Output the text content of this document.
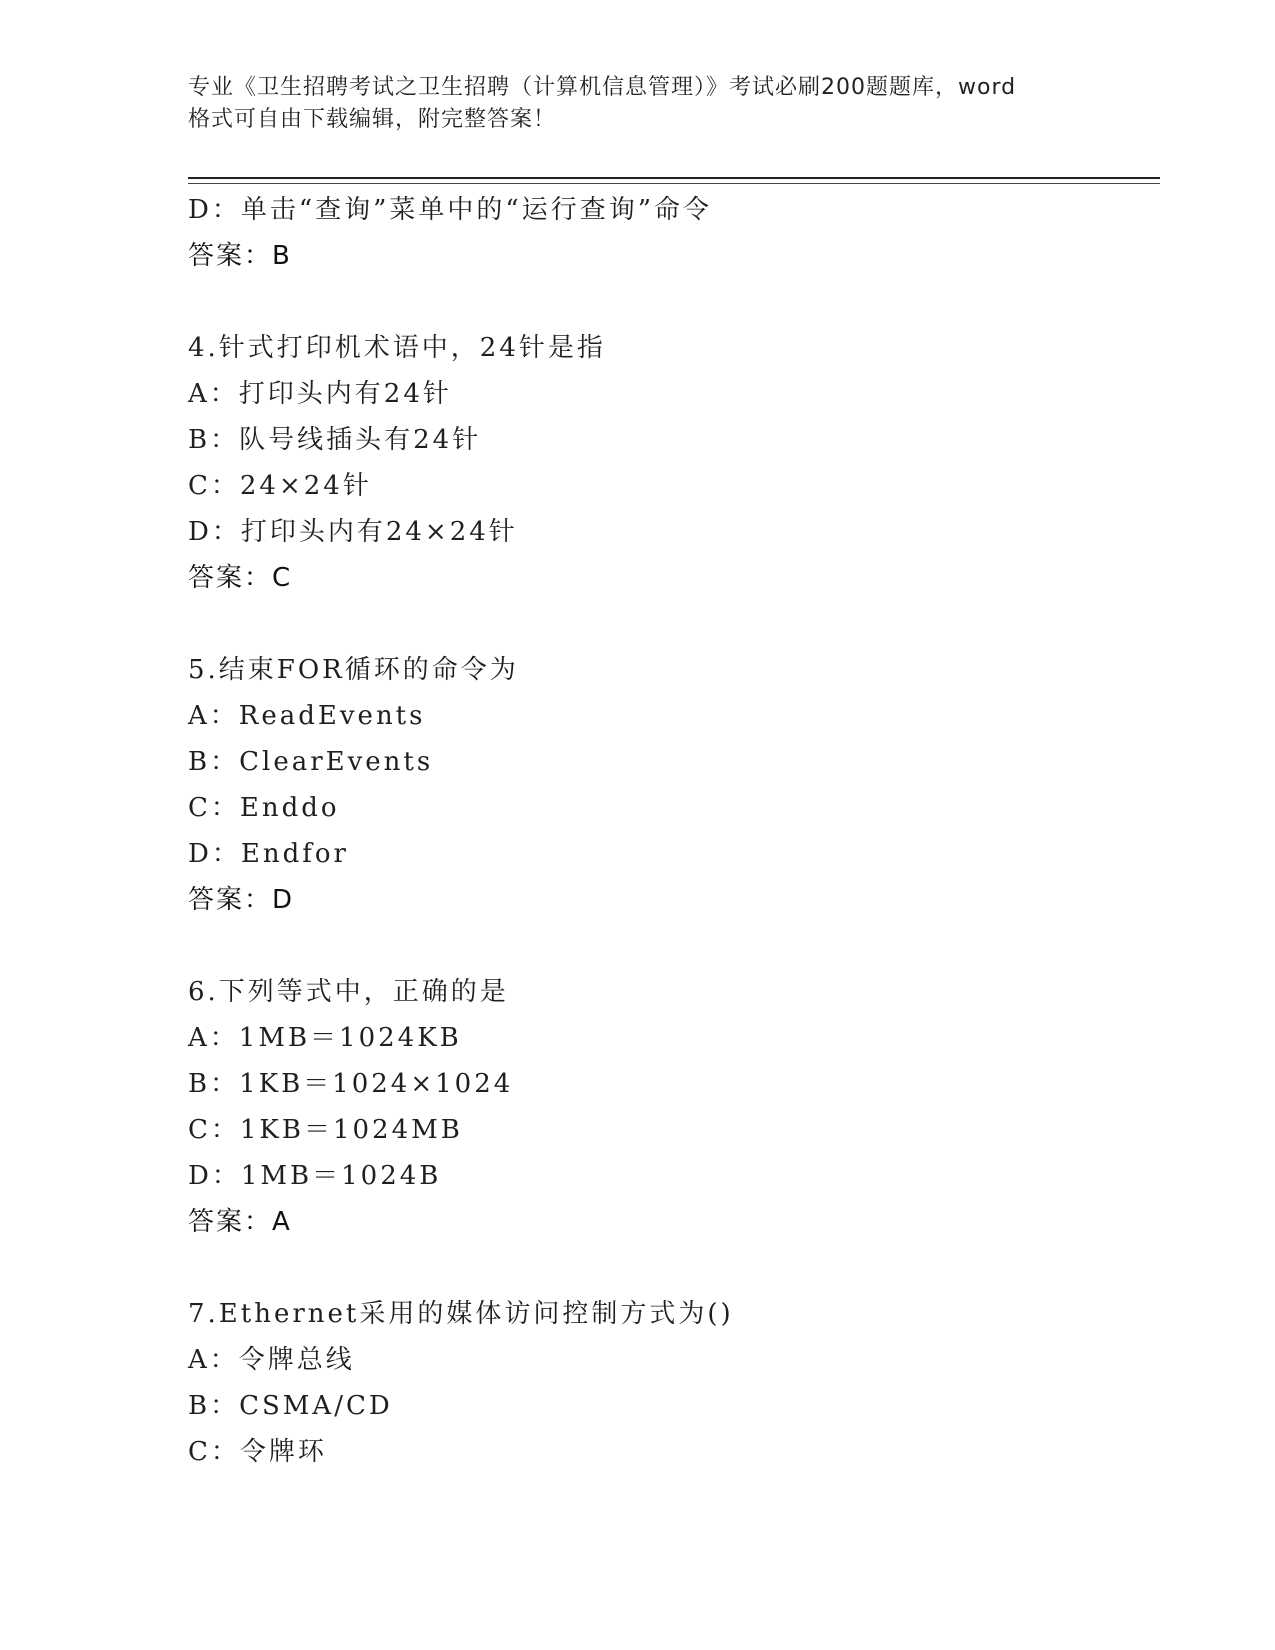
专业《卫生招聘考试之卫生招聘（计算机信息管理）》考试必刷200题题库，word
格式可自由下载编辑，附完整答案！
D：单击“查询”菜单中的“运行查询”命令
答案：B
4.针式打印机术语中，24针是指
A：打印头内有24针
B：队号线插头有24针
C：24×24针
D：打印头内有24×24针
答案：C
5.结束FOR循环的命令为
A：ReadEvents
B：ClearEvents
C：Enddo
D：Endfor
答案：D
6.下列等式中，正确的是
A：1MB＝1024KB
B：1KB＝1024×1024
C：1KB＝1024MB
D：1MB＝1024B
答案：A
7.Ethernet采用的媒体访问控制方式为()
A：令牌总线
B：CSMA/CD
C：令牌环
